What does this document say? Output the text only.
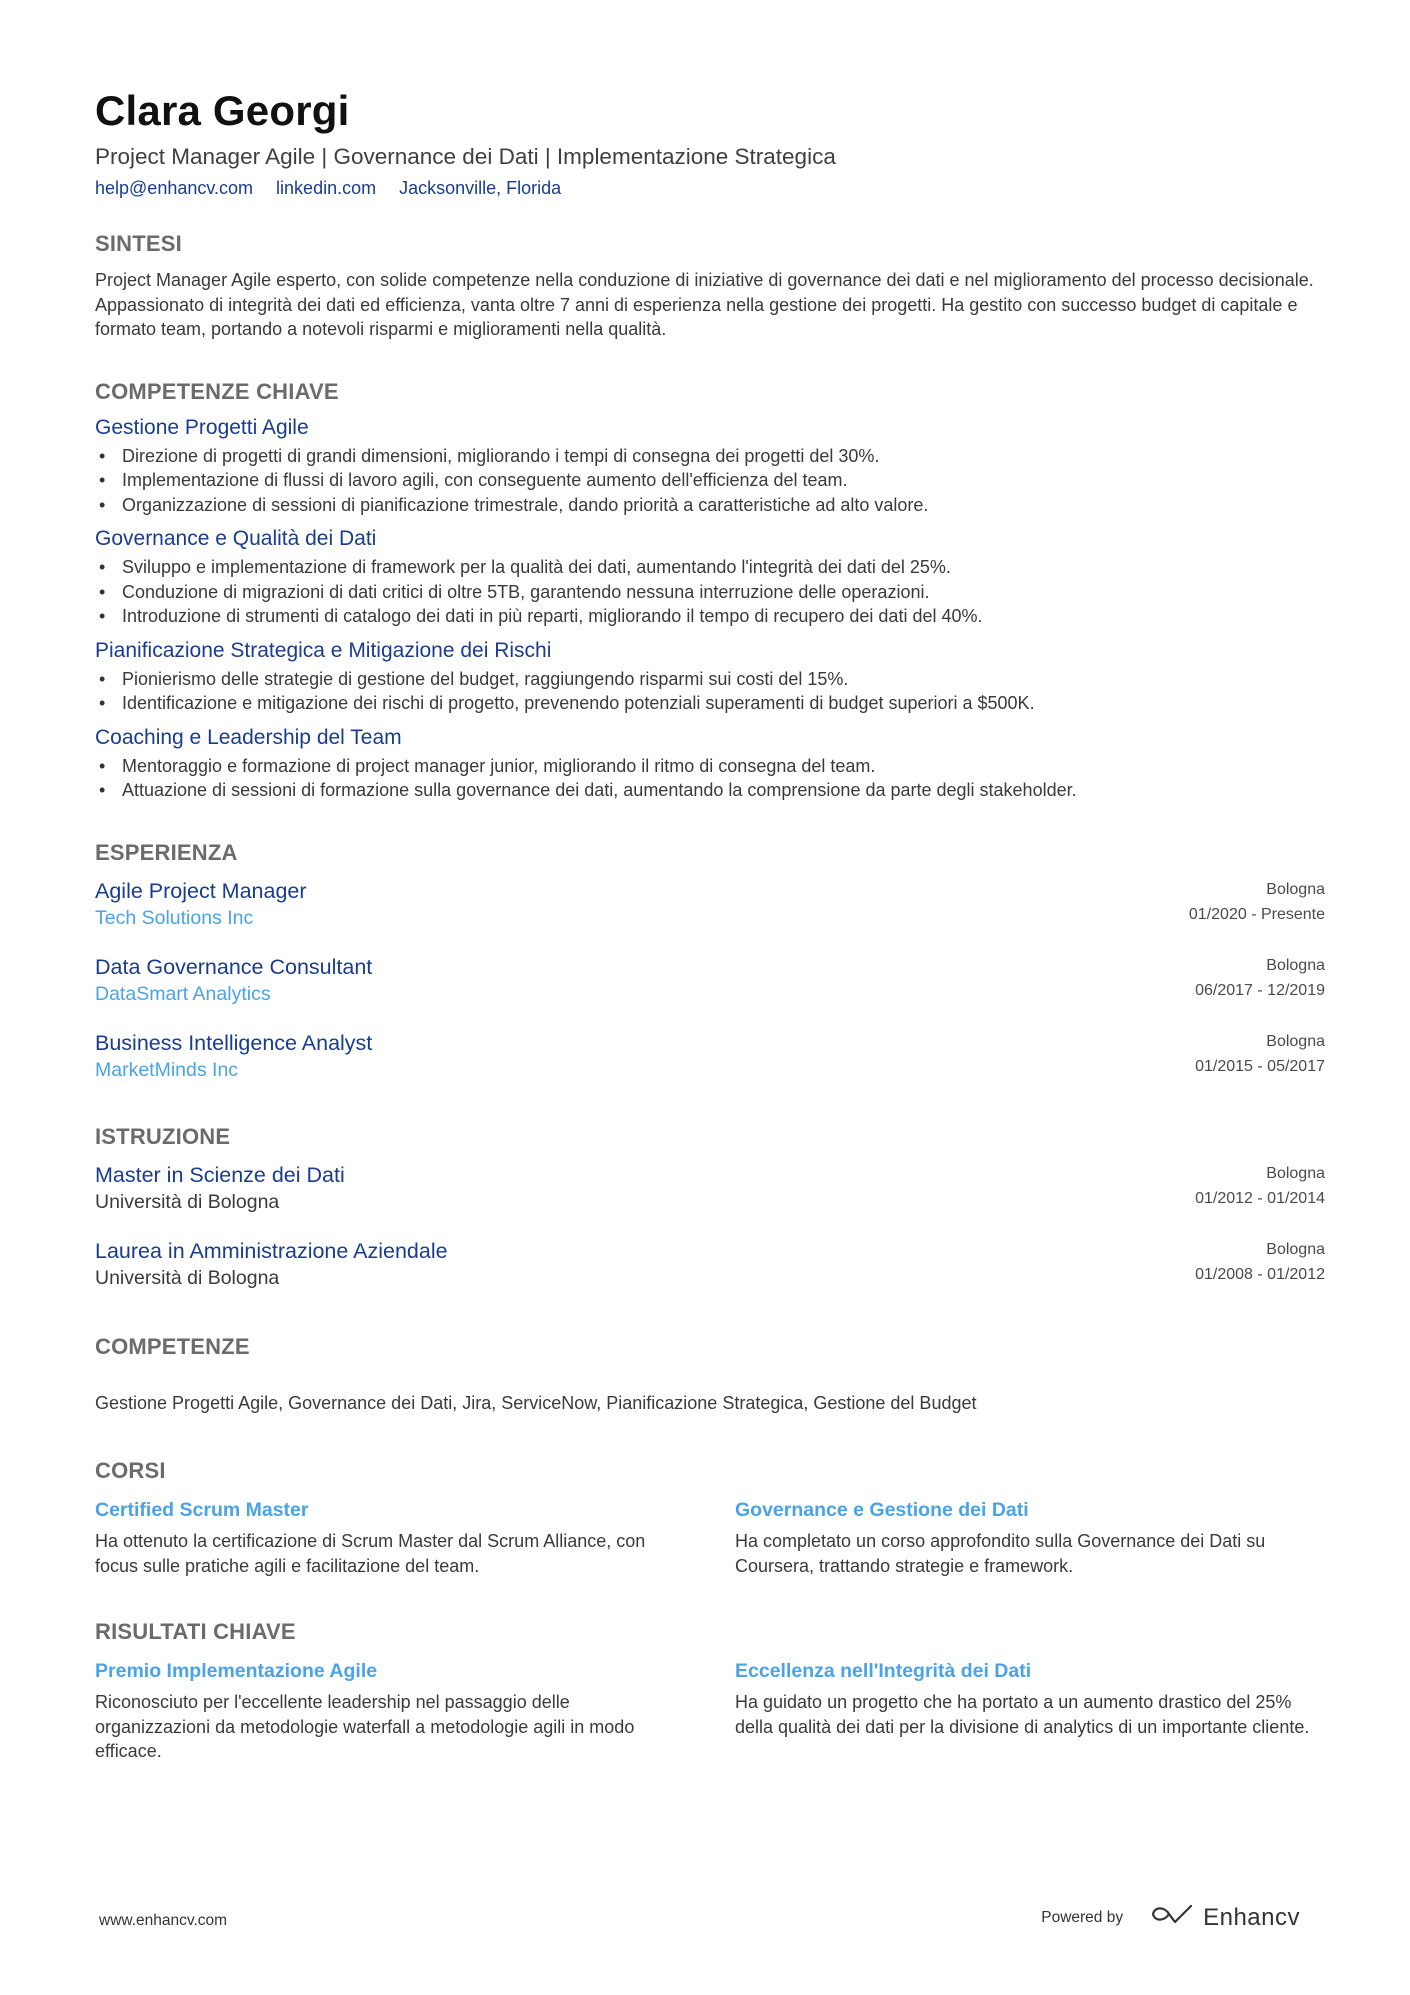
Clara Georgi
Project Manager Agile | Governance dei Dati | Implementazione Strategica
help@enhancv.com linkedin.com Jacksonville, Florida
SINTESI
Project Manager Agile esperto, con solide competenze nella conduzione di iniziative di governance dei dati e nel miglioramento del processo decisionale. Appassionato di integrità dei dati ed efficienza, vanta oltre 7 anni di esperienza nella gestione dei progetti. Ha gestito con successo budget di capitale e formato team, portando a notevoli risparmi e miglioramenti nella qualità.
COMPETENZE CHIAVE
Gestione Progetti Agile
• Direzione di progetti di grandi dimensioni, migliorando i tempi di consegna dei progetti del 30%.
• Implementazione di flussi di lavoro agili, con conseguente aumento dell'efficienza del team.
• Organizzazione di sessioni di pianificazione trimestrale, dando priorità a caratteristiche ad alto valore.
Governance e Qualità dei Dati
• Sviluppo e implementazione di framework per la qualità dei dati, aumentando l'integrità dei dati del 25%.
• Conduzione di migrazioni di dati critici di oltre 5TB, garantendo nessuna interruzione delle operazioni.
• Introduzione di strumenti di catalogo dei dati in più reparti, migliorando il tempo di recupero dei dati del 40%.
Pianificazione Strategica e Mitigazione dei Rischi
• Pionierismo delle strategie di gestione del budget, raggiungendo risparmi sui costi del 15%.
• Identificazione e mitigazione dei rischi di progetto, prevenendo potenziali superamenti di budget superiori a $500K.
Coaching e Leadership del Team
• Mentoraggio e formazione di project manager junior, migliorando il ritmo di consegna del team.
• Attuazione di sessioni di formazione sulla governance dei dati, aumentando la comprensione da parte degli stakeholder.
ESPERIENZA
Agile Project Manager
Tech Solutions Inc
Bologna
01/2020 - Presente
Data Governance Consultant
DataSmart Analytics
Bologna
06/2017 - 12/2019
Business Intelligence Analyst
MarketMinds Inc
Bologna
01/2015 - 05/2017
ISTRUZIONE
Master in Scienze dei Dati
Università di Bologna
Bologna
01/2012 - 01/2014
Laurea in Amministrazione Aziendale
Università di Bologna
Bologna
01/2008 - 01/2012
COMPETENZE
Gestione Progetti Agile, Governance dei Dati, Jira, ServiceNow, Pianificazione Strategica, Gestione del Budget
CORSI
Certified Scrum Master
Ha ottenuto la certificazione di Scrum Master dal Scrum Alliance, con focus sulle pratiche agili e facilitazione del team.
Governance e Gestione dei Dati
Ha completato un corso approfondito sulla Governance dei Dati su Coursera, trattando strategie e framework.
RISULTATI CHIAVE
Premio Implementazione Agile
Riconosciuto per l'eccellente leadership nel passaggio delle organizzazioni da metodologie waterfall a metodologie agili in modo efficace.
Eccellenza nell'Integrità dei Dati
Ha guidato un progetto che ha portato a un aumento drastico del 25% della qualità dei dati per la divisione di analytics di un importante cliente.
www.enhancv.com	Powered by	Enhancv
